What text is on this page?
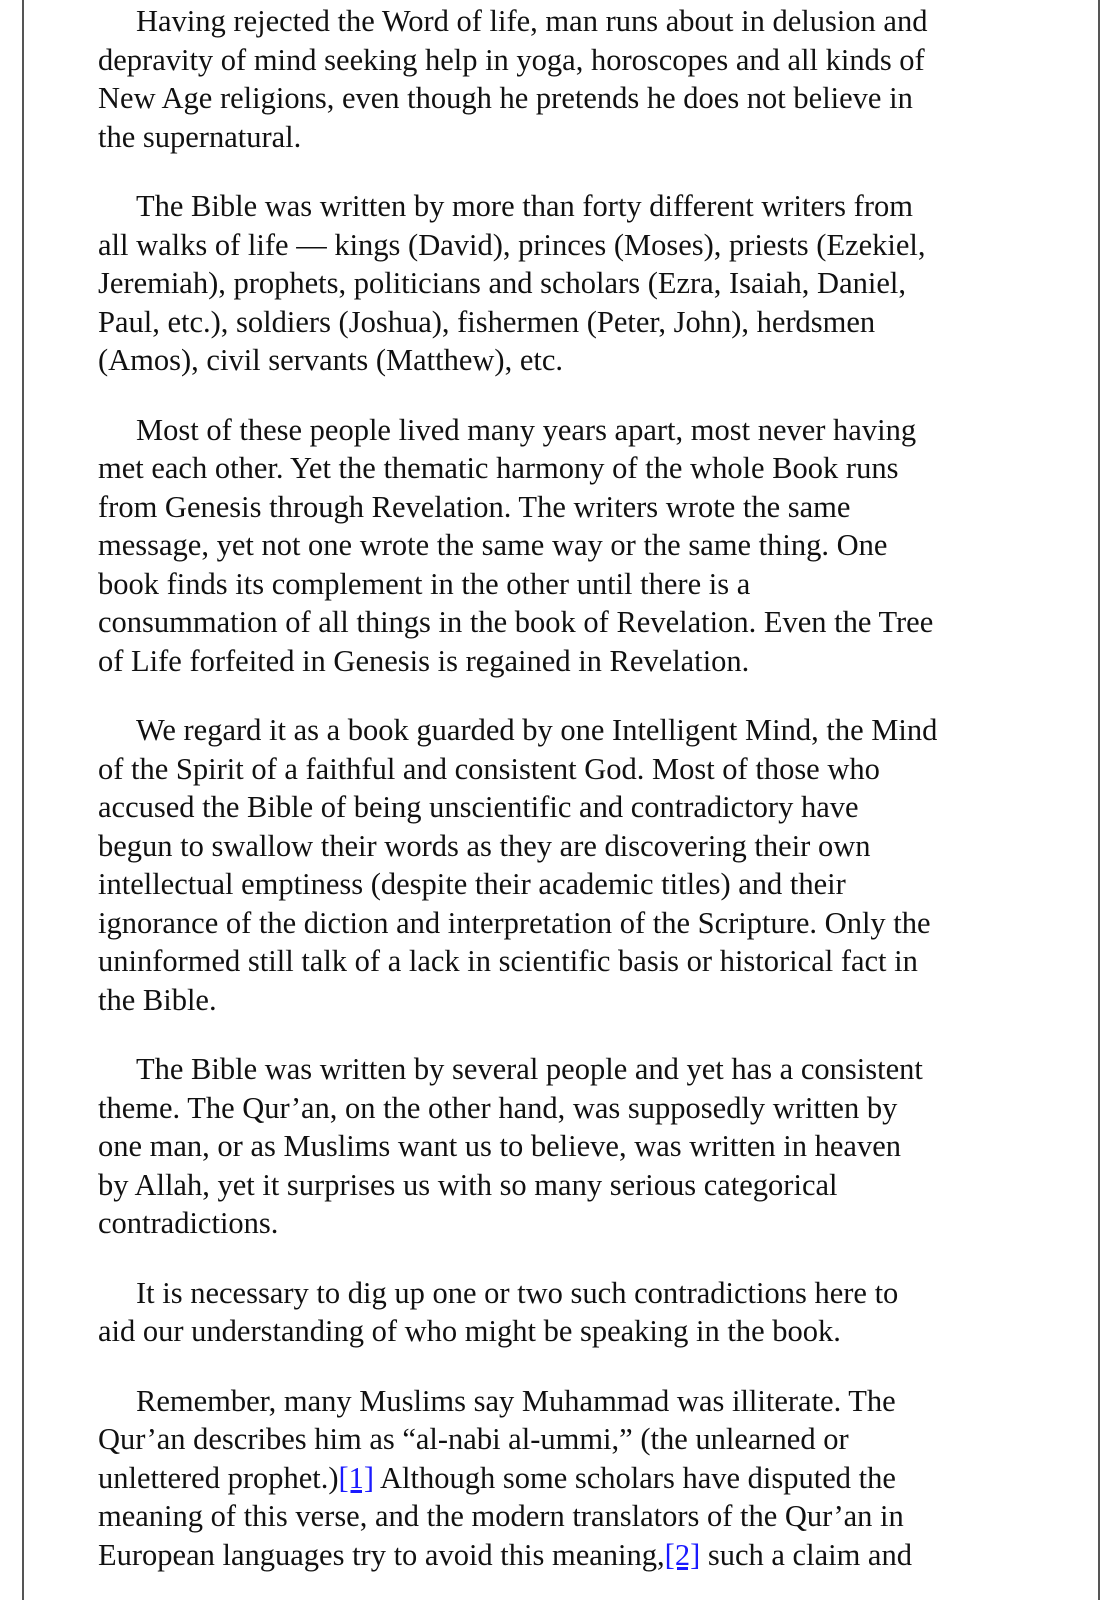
Having rejected the Word of life, man runs about in delusion and
depravity of mind seeking help in yoga, horoscopes and all kinds of
New Age religions, even though he pretends he does not believe in
the supernatural.

The Bible was written by more than forty different writers from
all walks of life — kings (David), princes (Moses), priests (Ezekiel,
Jeremiah), prophets, politicians and scholars (Ezra, Isaiah, Daniel,
Paul, etc.), soldiers (Joshua), fishermen (Peter, John), herdsmen
(Amos), civil servants (Matthew), etc.

Most of these people lived many years apart, most never having
met each other. Yet the thematic harmony of the whole Book runs
from Genesis through Revelation. The writers wrote the same
message, yet not one wrote the same way or the same thing. One
book finds its complement in the other until there is a
consummation of all things in the book of Revelation. Even the Tree
of Life forfeited in Genesis is regained in Revelation.

We regard it as a book guarded by one Intelligent Mind, the Mind
of the Spirit of a faithful and consistent God. Most of those who
accused the Bible of being unscientific and contradictory have
begun to swallow their words as they are discovering their own
intellectual emptiness (despite their academic titles) and their
ignorance of the diction and interpretation of the Scripture. Only the
uninformed still talk of a lack in scientific basis or historical fact in
the Bible.

The Bible was written by several people and yet has a consistent
theme. The Qur’an, on the other hand, was supposedly written by
one man, or as Muslims want us to believe, was written in heaven
by Allah, yet it surprises us with so many serious categorical
contradictions.

It is necessary to dig up one or two such contradictions here to
aid our understanding of who might be speaking in the book.

Remember, many Muslims say Muhammad was illiterate. The
Qur’an describes him as “al-nabi al-ummi,” (the unlearned or
unlettered prophet.)[1] Although some scholars have disputed the
meaning of this verse, and the modern translators of the Qur’an in
European languages try to avoid this meaning,[2] such a claim and
